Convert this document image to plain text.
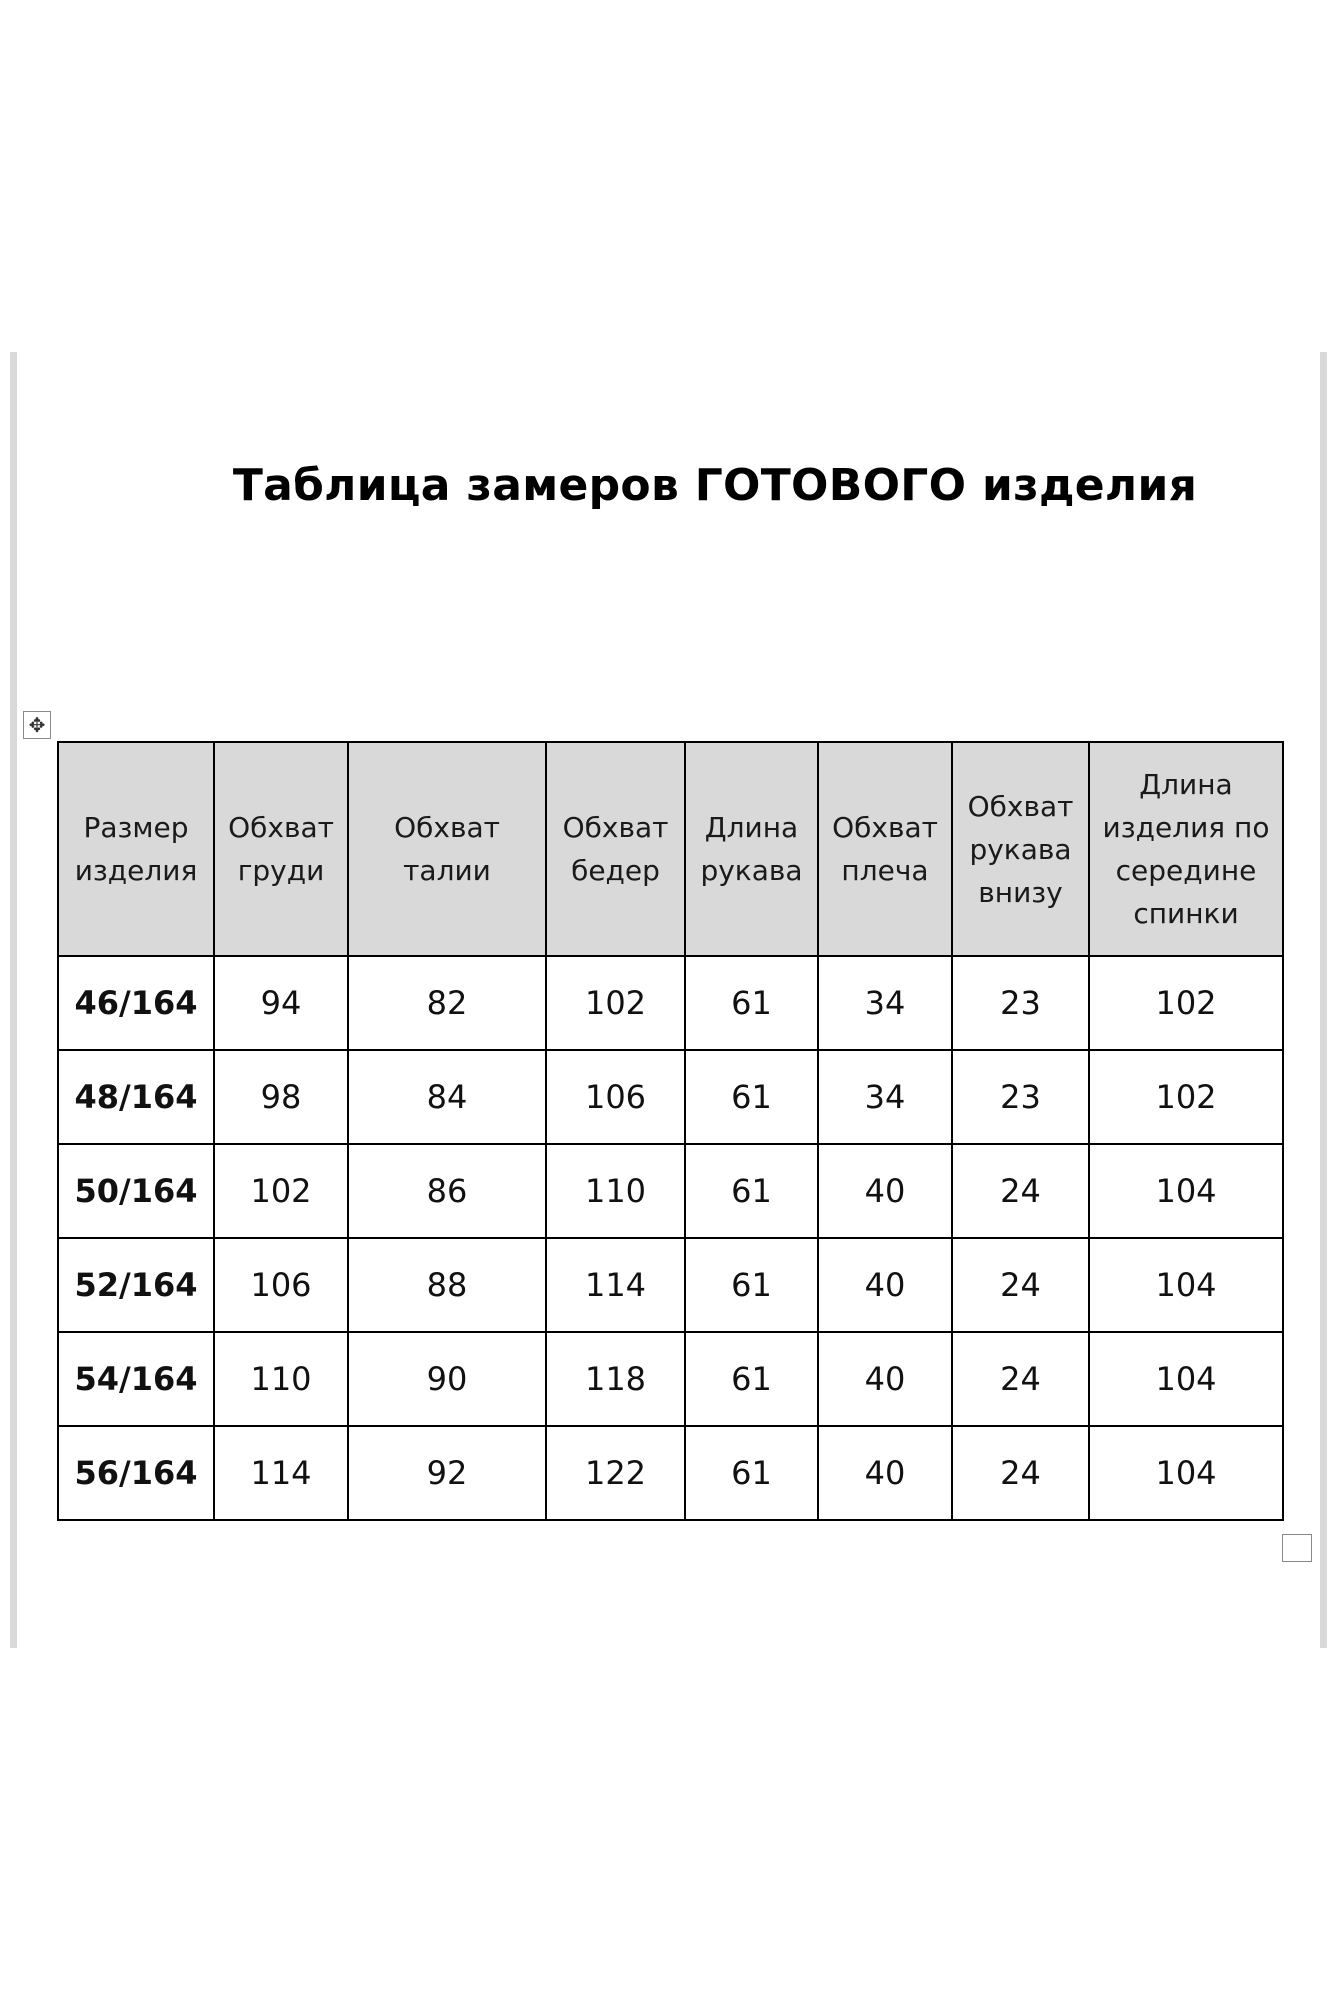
Таблица замеров ГОТОВОГО изделия
✥
Размер изделия	Обхват груди	Обхват талии	Обхват бедер	Длина рукава	Обхват плеча	Обхват рукава внизу	Длина изделия по середине спинки
46/164	94	82	102	61	34	23	102
48/164	98	84	106	61	34	23	102
50/164	102	86	110	61	40	24	104
52/164	106	88	114	61	40	24	104
54/164	110	90	118	61	40	24	104
56/164	114	92	122	61	40	24	104
